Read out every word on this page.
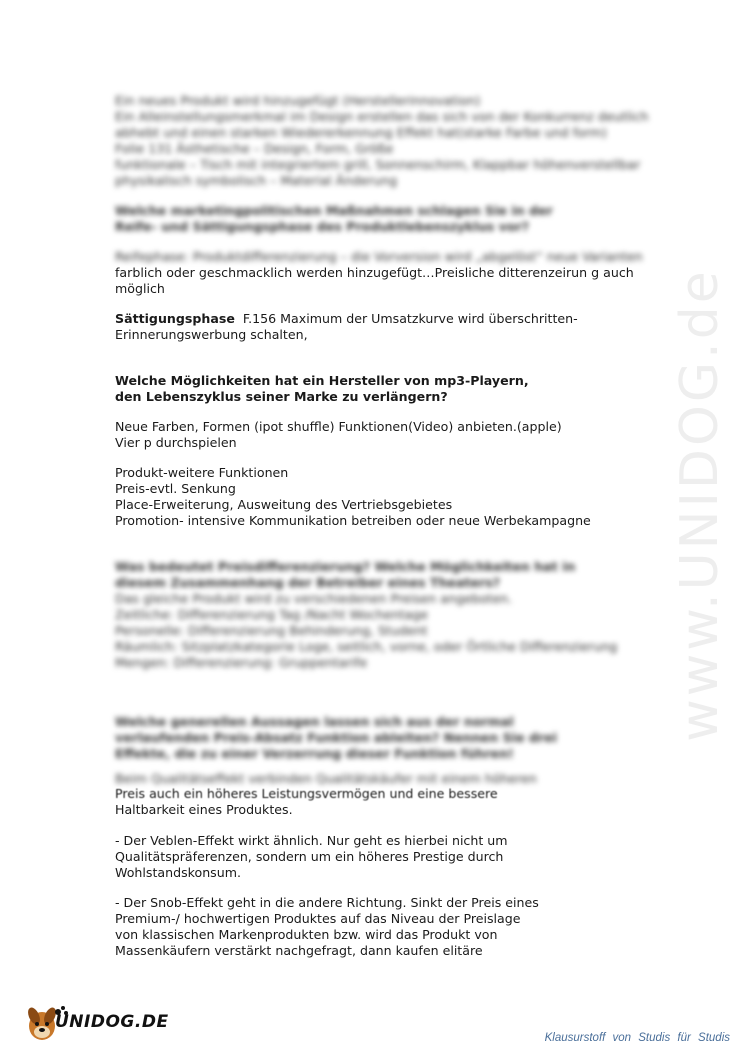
www.UNIDOG.de
Ein neues Produkt wird hinzugefügt (Herstellerinnovation)
Ein Alleinstellungsmerkmal im Design erstellen das sich von der Konkurrenz deutlich
abhebt und einen starken Wiedererkennung Effekt hat(starke Farbe und form)
Folie 131 Ästhetische – Design, Form, Größe
funktionale – Tisch mit integriertem grill, Sonnenschirm, Klappbar höhenverstellbar
physikalisch symbolisch – Material Änderung
Welche marketingpolitischen Maßnahmen schlagen Sie in der
Reife- und Sättigungsphase des Produktlebenszyklus vor?
Reifephase: Produktdifferenzierung – die Vorversion wird „abgelöst“ neue Varianten
farblich oder geschmacklich werden hinzugefügt…Preisliche ditterenzeirun g auch
möglich
Sättigungsphase F.156 Maximum der Umsatzkurve wird überschritten-
Erinnerungswerbung schalten,
Welche Möglichkeiten hat ein Hersteller von mp3-Playern,
den Lebenszyklus seiner Marke zu verlängern?
Neue Farben, Formen (ipot shuffle) Funktionen(Video) anbieten.(apple)
Vier p durchspielen
Produkt-weitere Funktionen
Preis-evtl. Senkung
Place-Erweiterung, Ausweitung des Vertriebsgebietes
Promotion- intensive Kommunikation betreiben oder neue Werbekampagne
Was bedeutet Preisdifferenzierung? Welche Möglichkeiten hat in
diesem Zusammenhang der Betreiber eines Theaters?
Das gleiche Produkt wird zu verschiedenen Preisen angeboten.
Zeitliche: Differenzierung Tag /Nacht Wochentage
Personelle: Differenzierung Behinderung, Student
Räumlich: Sitzplatzkategorie Loge, seitlich, vorne, oder Örtliche Differenzierung
Mengen: Differenzierung: Gruppentarife
Welche generellen Aussagen lassen sich aus der normal
verlaufenden Preis-Absatz Funktion ableiten? Nennen Sie drei
Effekte, die zu einer Verzerrung dieser Funktion führen!
Beim Qualitätseffekt verbinden Qualitätskäufer mit einem höheren
Preis auch ein höheres Leistungsvermögen und eine bessere
Haltbarkeit eines Produktes.
- Der Veblen-Effekt wirkt ähnlich. Nur geht es hierbei nicht um
Qualitätspräferenzen, sondern um ein höheres Prestige durch
Wohlstandskonsum.
- Der Snob-Effekt geht in die andere Richtung. Sinkt der Preis eines
Premium-/ hochwertigen Produktes auf das Niveau der Preislage
von klassischen Markenprodukten bzw. wird das Produkt von
Massenkäufern verstärkt nachgefragt, dann kaufen elitäre
UNIDOG.DE
Klausurstoff von Studis für Studis
